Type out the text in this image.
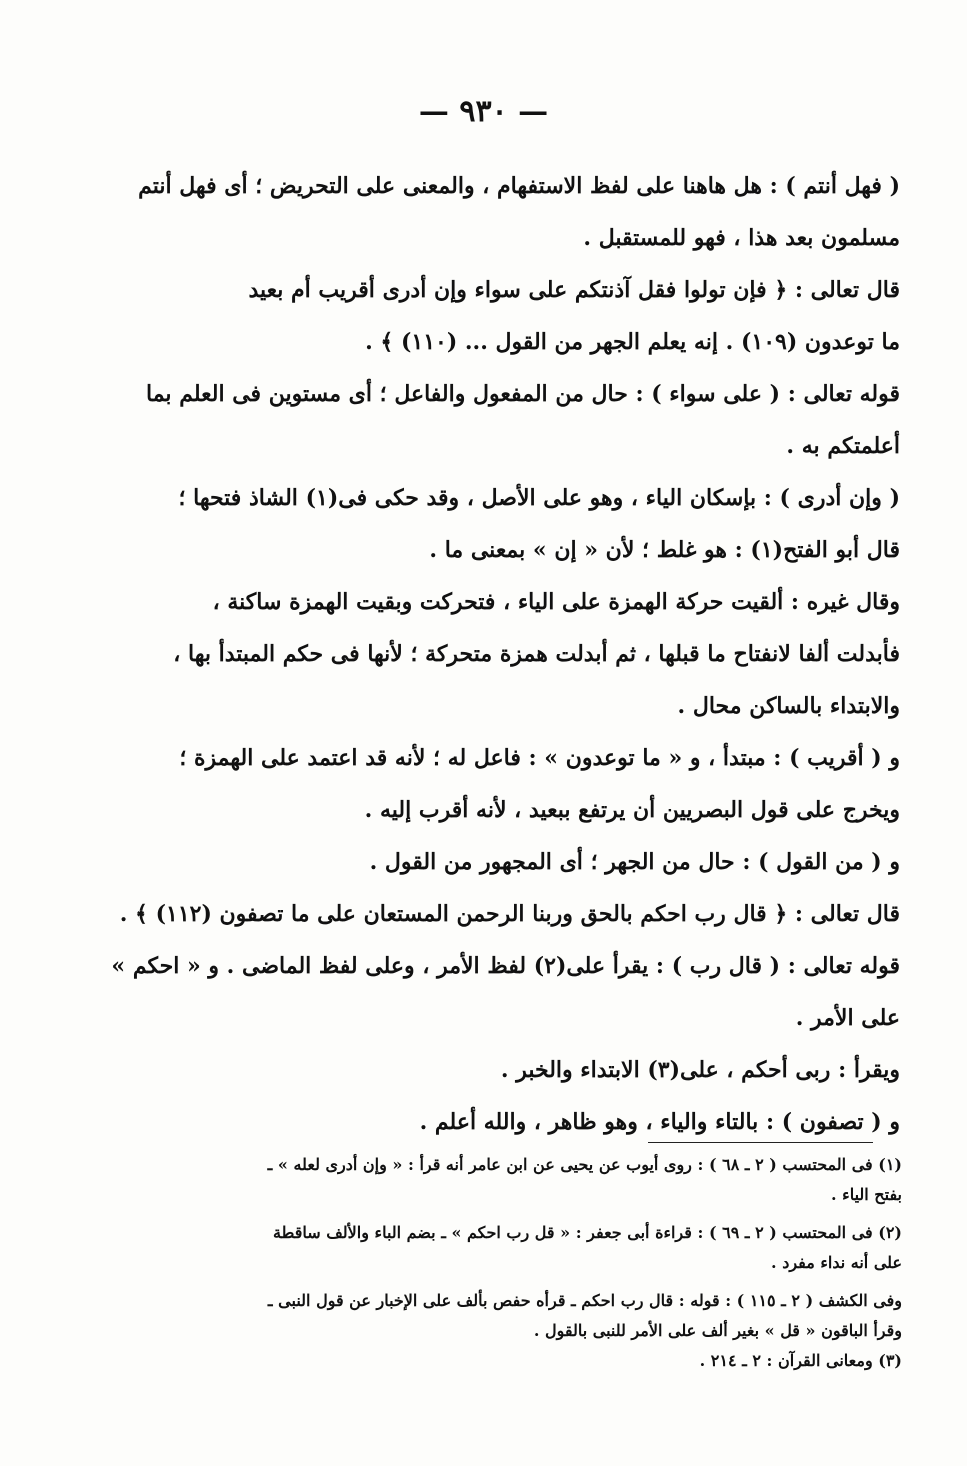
— ٩٣٠ —
( فهل أنتم ) : هل هاهنا على لفظ الاستفهام ، والمعنى على التحريض ؛ أى فهل أنتم
مسلمون بعد هذا ، فهو للمستقبل .
قال تعالى : ﴿ فإن تولوا فقل آذنتكم على سواء وإن أدرى أقريب أم بعيد
ما توعدون (١٠٩) . إنه يعلم الجهر من القول ... (١١٠) ﴾ .
قوله تعالى : ( على سواء ) : حال من المفعول والفاعل ؛ أى مستوين فى العلم بما
أعلمتكم به .
( وإن أدرى ) : بإسكان الياء ، وهو على الأصل ، وقد حكى فى(١) الشاذ فتحها ؛
قال أبو الفتح(١) : هو غلط ؛ لأن « إن » بمعنى ما .
وقال غيره : ألقيت حركة الهمزة على الياء ، فتحركت وبقيت الهمزة ساكنة ،
فأبدلت ألفا لانفتاح ما قبلها ، ثم أبدلت همزة متحركة ؛ لأنها فى حكم المبتدأ بها ،
والابتداء بالساكن محال .
و ( أقريب ) : مبتدأ ، و « ما توعدون » : فاعل له ؛ لأنه قد اعتمد على الهمزة ؛
ويخرج على قول البصريين أن يرتفع ببعيد ، لأنه أقرب إليه .
و ( من القول ) : حال من الجهر ؛ أى المجهور من القول .
قال تعالى : ﴿ قال رب احكم بالحق وربنا الرحمن المستعان على ما تصفون (١١٢) ﴾ .
قوله تعالى : ( قال رب ) : يقرأ على(٢) لفظ الأمر ، وعلى لفظ الماضى . و « احكم »
على الأمر .
ويقرأ : ربى أحكم ، على(٣) الابتداء والخبر .
و ( تصفون ) : بالتاء والياء ، وهو ظاهر ، والله أعلم .
(١) فى المحتسب ( ٢ ـ ٦٨ ) : روى أيوب عن يحيى عن ابن عامر أنه قرأ : « وإن أدرى لعله » ـ
بفتح الياء .
(٢) فى المحتسب ( ٢ ـ ٦٩ ) : قراءة أبى جعفر : « قل رب احكم » ـ بضم الباء والألف ساقطة
على أنه نداء مفرد .
وفى الكشف ( ٢ ـ ١١٥ ) : قوله : قال رب احكم ـ قرأه حفص بألف على الإخبار عن قول النبى ـ
وقرأ الباقون « قل » بغير ألف على الأمر للنبى بالقول .
(٣) ومعانى القرآن : ٢ ـ ٢١٤ .
